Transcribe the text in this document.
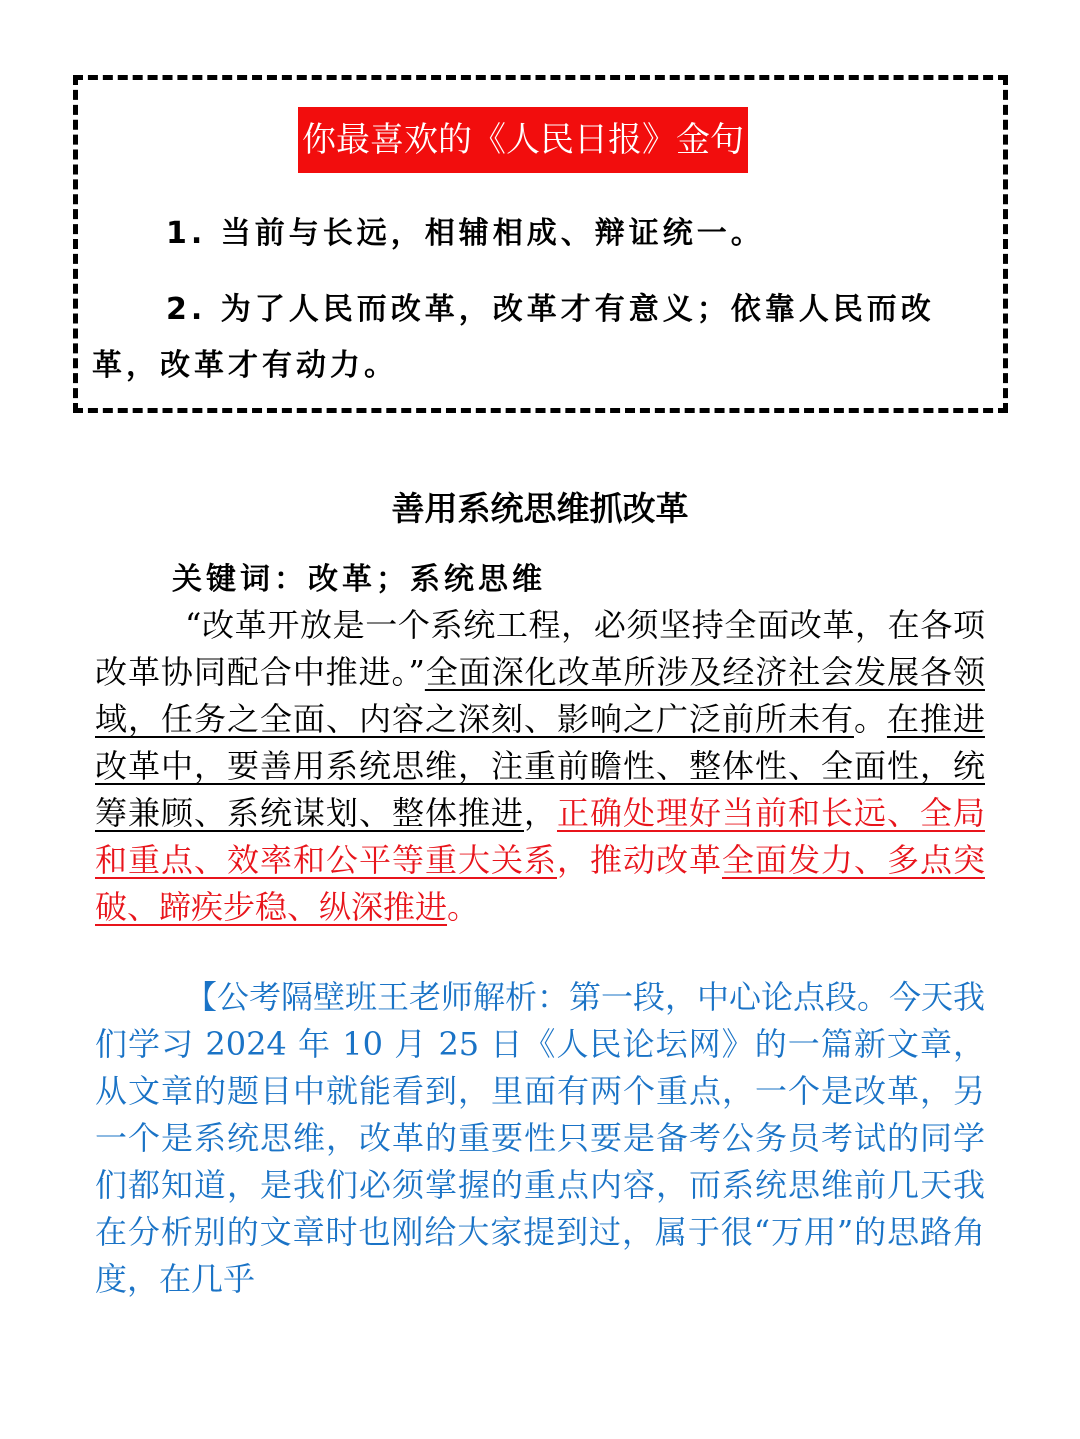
你最喜欢的《人民日报》金句
1. 当前与长远，相辅相成、辩证统一。
2. 为了人民而改革，改革才有意义；依靠人民而改革，改革才有动力。
善用系统思维抓改革
关键词：改革；系统思维
“改革开放是一个系统工程，必须坚持全面改革，在各项改革协同配合中推进。”全面深化改革所涉及经济社会发展各领域，任务之全面、内容之深刻、影响之广泛前所未有。在推进改革中，要善用系统思维，注重前瞻性、整体性、全面性，统筹兼顾、系统谋划、整体推进，正确处理好当前和长远、全局和重点、效率和公平等重大关系，推动改革全面发力、多点突破、蹄疾步稳、纵深推进。
【公考隔壁班王老师解析：第一段，中心论点段。今天我们学习 2024 年 10 月 25 日《人民论坛网》的一篇新文章，从文章的题目中就能看到，里面有两个重点，一个是改革，另一个是系统思维，改革的重要性只要是备考公务员考试的同学们都知道，是我们必须掌握的重点内容，而系统思维前几天我在分析别的文章时也刚给大家提到过，属于很“万用”的思路角度，在几乎
